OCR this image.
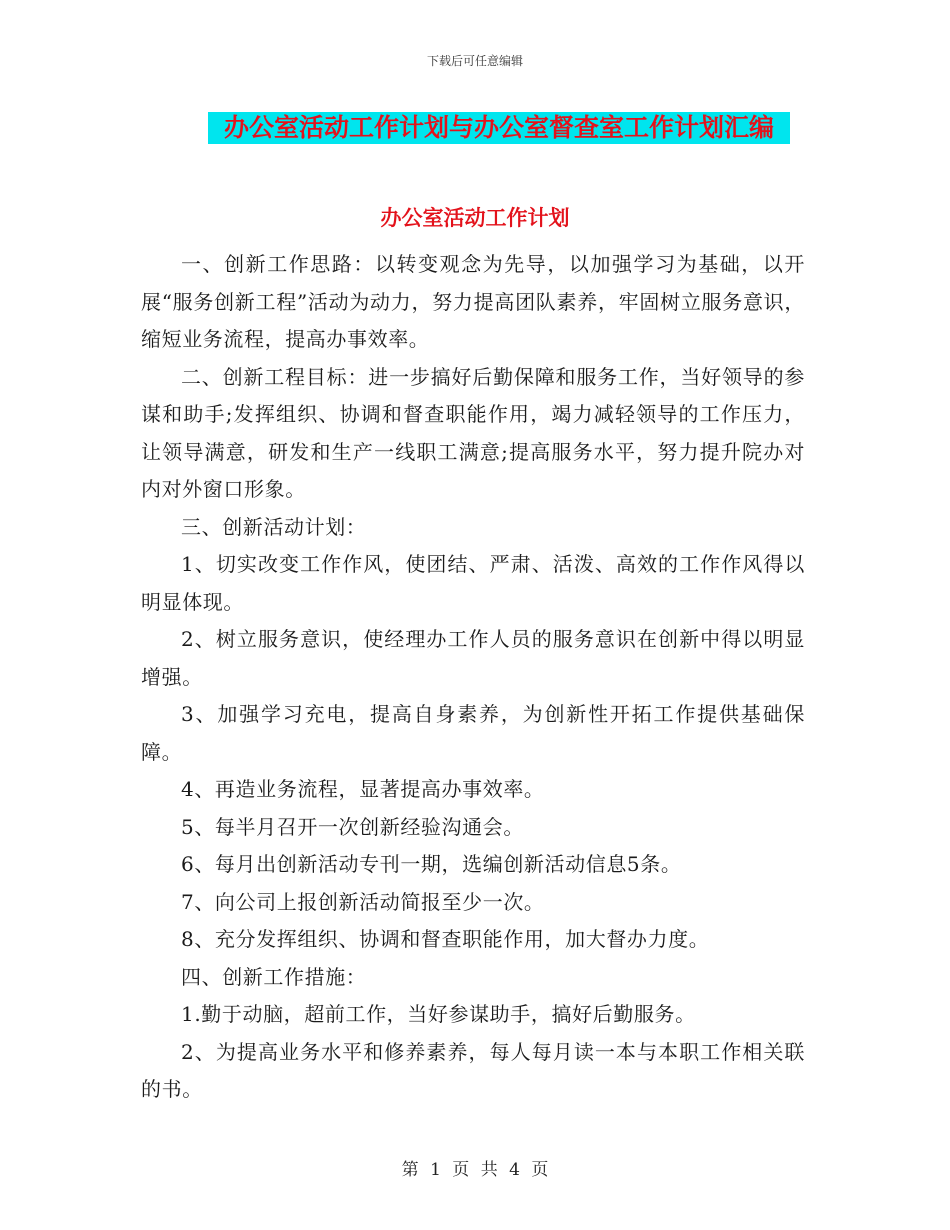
下载后可任意编辑
办公室活动工作计划与办公室督查室工作计划汇编
办公室活动工作计划

一、创新工作思路：以转变观念为先导，以加强学习为基础，以开展“服务创新工程”活动为动力，努力提高团队素养，牢固树立服务意识，缩短业务流程，提高办事效率。

二、创新工程目标：进一步搞好后勤保障和服务工作，当好领导的参谋和助手;发挥组织、协调和督查职能作用，竭力减轻领导的工作压力，让领导满意，研发和生产一线职工满意;提高服务水平，努力提升院办对内对外窗口形象。

三、创新活动计划：

1、切实改变工作作风，使团结、严肃、活泼、高效的工作作风得以明显体现。

2、树立服务意识，使经理办工作人员的服务意识在创新中得以明显增强。

3、加强学习充电，提高自身素养，为创新性开拓工作提供基础保障。

4、再造业务流程，显著提高办事效率。

5、每半月召开一次创新经验沟通会。

6、每月出创新活动专刊一期，选编创新活动信息5条。

7、向公司上报创新活动简报至少一次。

8、充分发挥组织、协调和督查职能作用，加大督办力度。

四、创新工作措施：

1.勤于动脑，超前工作，当好参谋助手，搞好后勤服务。

2、为提高业务水平和修养素养，每人每月读一本与本职工作相关联的书。

第 1 页 共 4 页
